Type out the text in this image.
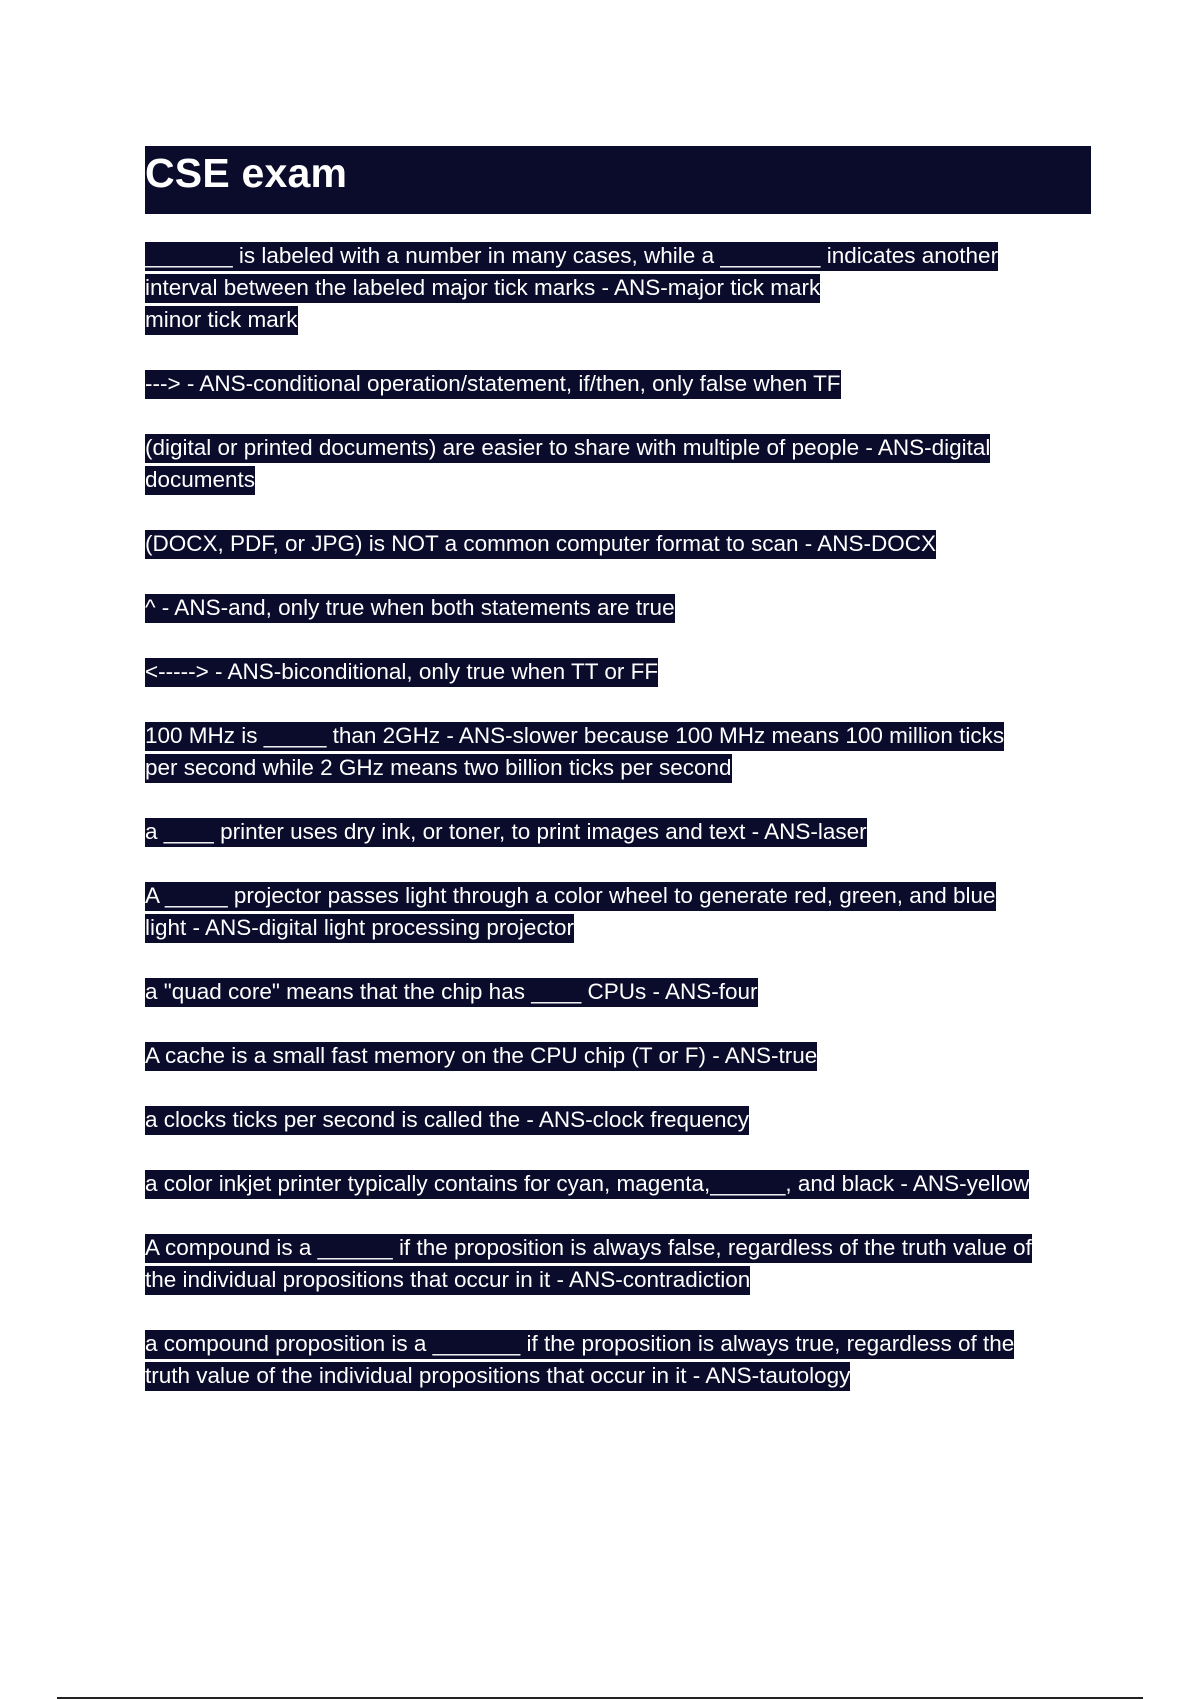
CSE exam
_______ is labeled with a number in many cases, while a ________ indicates another
interval between the labeled major tick marks - ANS-major tick mark
minor tick mark
---> - ANS-conditional operation/statement, if/then, only false when TF
(digital or printed documents) are easier to share with multiple of people - ANS-digital
documents
(DOCX, PDF, or JPG) is NOT a common computer format to scan - ANS-DOCX
^ - ANS-and, only true when both statements are true
<-----> - ANS-biconditional, only true when TT or FF
100 MHz is _____ than 2GHz - ANS-slower because 100 MHz means 100 million ticks
per second while 2 GHz means two billion ticks per second
a ____ printer uses dry ink, or toner, to print images and text - ANS-laser
A _____ projector passes light through a color wheel to generate red, green, and blue
light - ANS-digital light processing projector
a "quad core" means that the chip has ____ CPUs - ANS-four
A cache is a small fast memory on the CPU chip (T or F) - ANS-true
a clocks ticks per second is called the - ANS-clock frequency
a color inkjet printer typically contains for cyan, magenta,______, and black - ANS-yellow
A compound is a ______ if the proposition is always false, regardless of the truth value of
the individual propositions that occur in it - ANS-contradiction
a compound proposition is a _______ if the proposition is always true, regardless of the
truth value of the individual propositions that occur in it - ANS-tautology
